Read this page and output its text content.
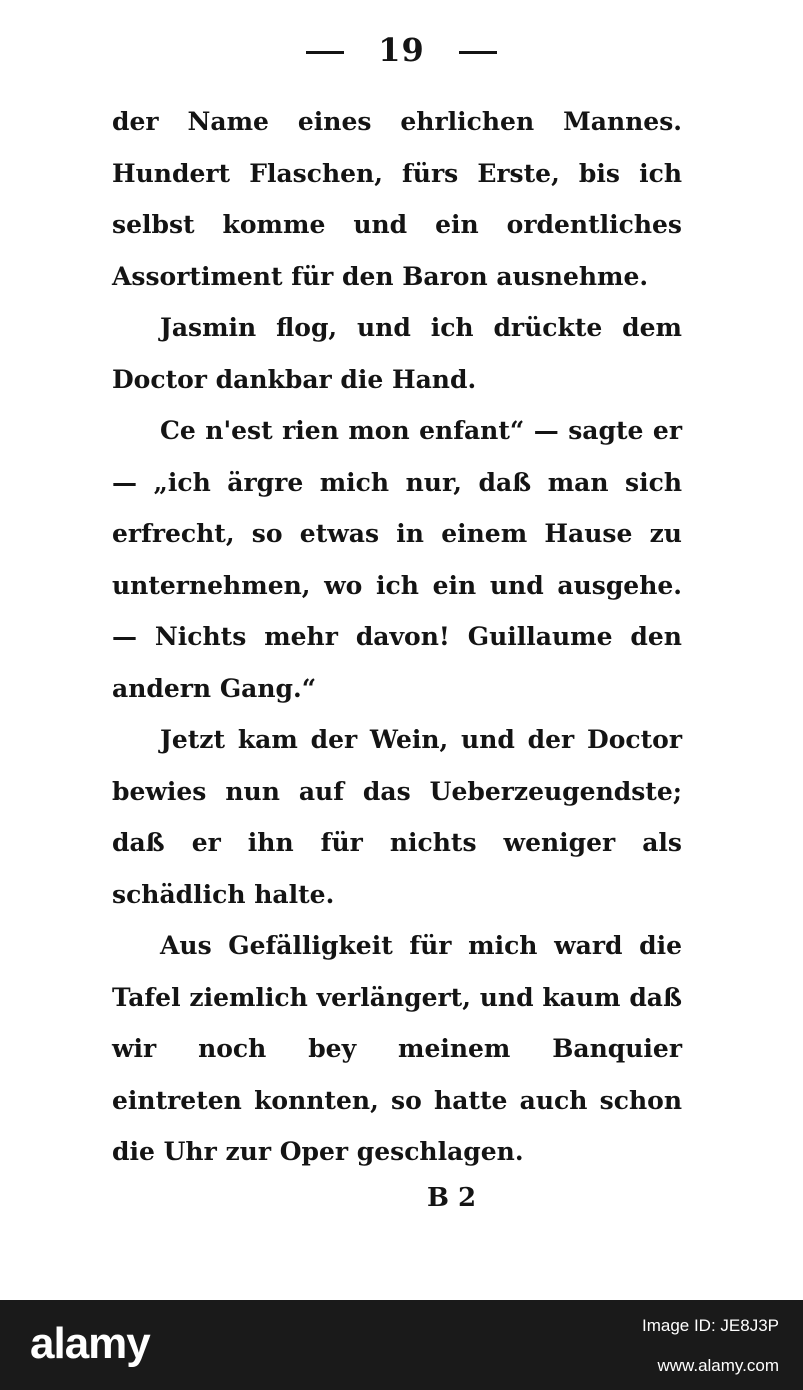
19

der Name eines ehrlichen Mannes. Hundert Flaschen, fürs Erste, bis ich selbst komme und ein ordentliches Assortiment für den Baron ausnehme.

Jasmin flog, und ich drückte dem Doctor dankbar die Hand.

Ce n'est rien mon enfant“ — sagte er — „ich ärgre mich nur, daß man sich erfrecht, so etwas in einem Hause zu unternehmen, wo ich ein und ausgehe. — Nichts mehr davon! Guillaume den andern Gang.“

Jetzt kam der Wein, und der Doctor bewies nun auf das Ueberzeugendste; daß er ihn für nichts weniger als schädlich halte.

Aus Gefälligkeit für mich ward die Tafel ziemlich verlängert, und kaum daß wir noch bey meinem Banquier eintreten konnten, so hatte auch schon die Uhr zur Oper geschlagen.

B 2
alamy	Image ID: JE8J3P
www.alamy.com
